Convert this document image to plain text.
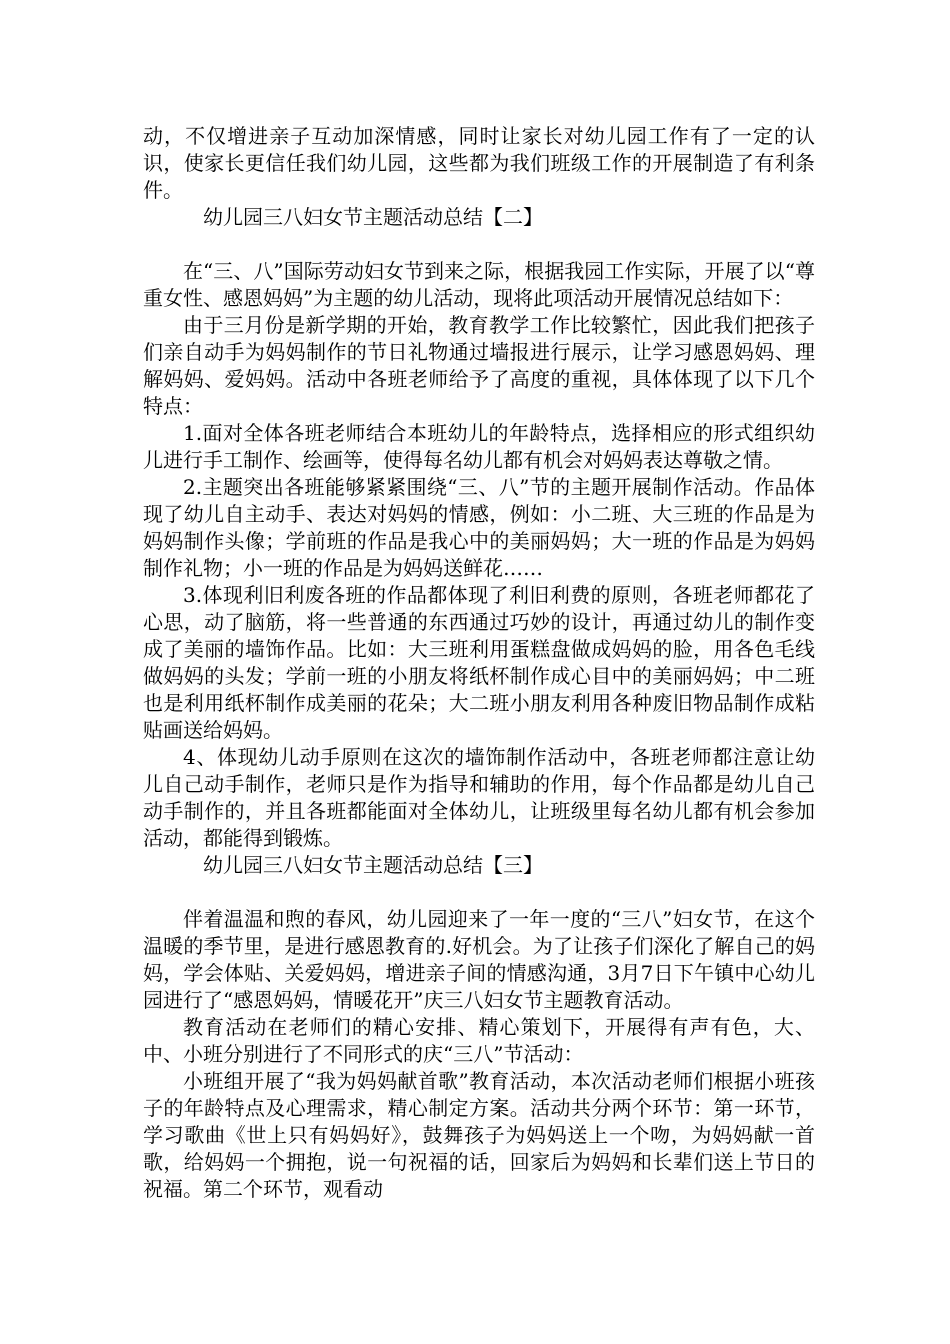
动，不仅增进亲子互动加深情感，同时让家长对幼儿园工作有了一定的认识，使家长更信任我们幼儿园，这些都为我们班级工作的开展制造了有利条件。

幼儿园三八妇女节主题活动总结【二】

在“三、八”国际劳动妇女节到来之际，根据我园工作实际，开展了以“尊重女性、感恩妈妈”为主题的幼儿活动，现将此项活动开展情况总结如下：

由于三月份是新学期的开始，教育教学工作比较繁忙，因此我们把孩子们亲自动手为妈妈制作的节日礼物通过墙报进行展示，让学习感恩妈妈、理解妈妈、爱妈妈。活动中各班老师给予了高度的重视，具体体现了以下几个特点：

1.面对全体各班老师结合本班幼儿的年龄特点，选择相应的形式组织幼儿进行手工制作、绘画等，使得每名幼儿都有机会对妈妈表达尊敬之情。

2.主题突出各班能够紧紧围绕“三、八”节的主题开展制作活动。作品体现了幼儿自主动手、表达对妈妈的情感，例如：小二班、大三班的作品是为妈妈制作头像；学前班的作品是我心中的美丽妈妈；大一班的作品是为妈妈制作礼物；小一班的作品是为妈妈送鲜花……

3.体现利旧利废各班的作品都体现了利旧利费的原则，各班老师都花了心思，动了脑筋，将一些普通的东西通过巧妙的设计，再通过幼儿的制作变成了美丽的墙饰作品。比如：大三班利用蛋糕盘做成妈妈的脸，用各色毛线做妈妈的头发；学前一班的小朋友将纸杯制作成心目中的美丽妈妈；中二班也是利用纸杯制作成美丽的花朵；大二班小朋友利用各种废旧物品制作成粘贴画送给妈妈。

4、体现幼儿动手原则在这次的墙饰制作活动中，各班老师都注意让幼儿自己动手制作，老师只是作为指导和辅助的作用，每个作品都是幼儿自己动手制作的，并且各班都能面对全体幼儿，让班级里每名幼儿都有机会参加活动，都能得到锻炼。

幼儿园三八妇女节主题活动总结【三】

伴着温温和煦的春风，幼儿园迎来了一年一度的“三八”妇女节，在这个温暖的季节里，是进行感恩教育的.好机会。为了让孩子们深化了解自己的妈妈，学会体贴、关爱妈妈，增进亲子间的情感沟通，3月7日下午镇中心幼儿园进行了“感恩妈妈，情暖花开”庆三八妇女节主题教育活动。

教育活动在老师们的精心安排、精心策划下，开展得有声有色，大、中、小班分别进行了不同形式的庆“三八”节活动：

小班组开展了“我为妈妈献首歌”教育活动，本次活动老师们根据小班孩子的年龄特点及心理需求，精心制定方案。活动共分两个环节：第一环节，学习歌曲《世上只有妈妈好》，鼓舞孩子为妈妈送上一个吻，为妈妈献一首歌，给妈妈一个拥抱，说一句祝福的话，回家后为妈妈和长辈们送上节日的祝福。第二个环节，观看动
